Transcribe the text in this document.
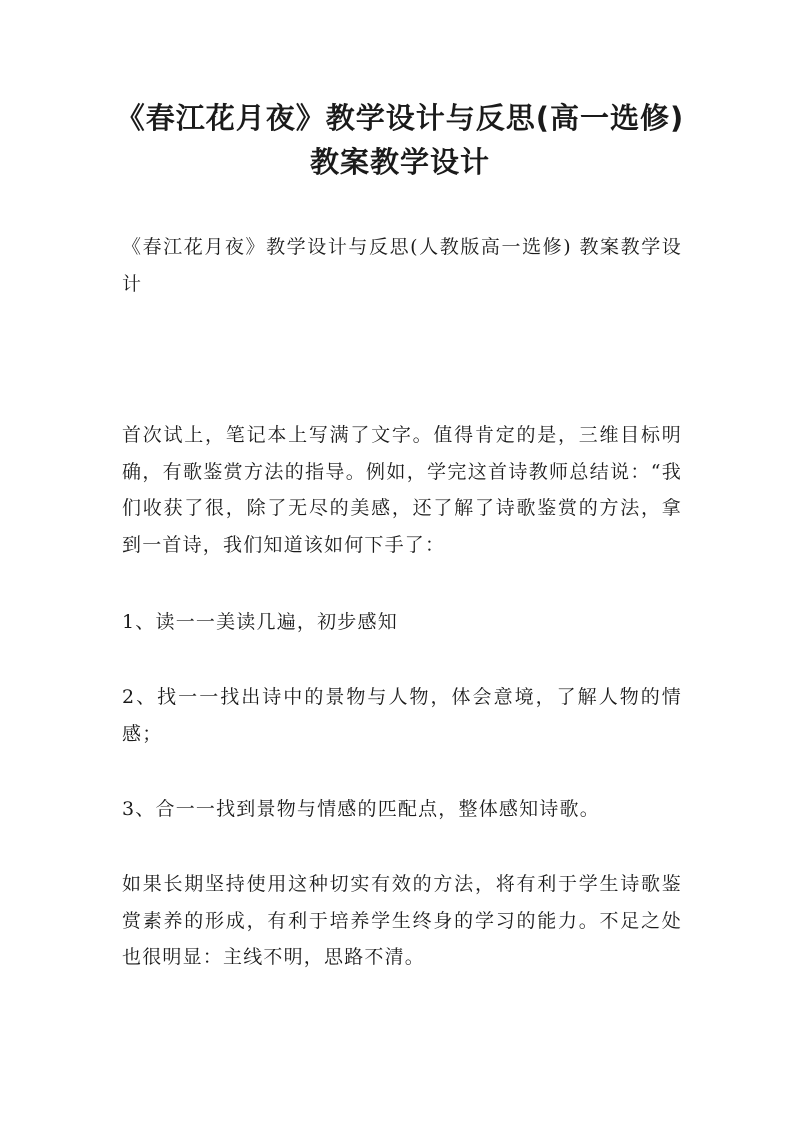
《春江花月夜》教学设计与反思(高一选修)
教案教学设计

《春江花月夜》教学设计与反思(人教版高一选修) 教案教学设计

首次试上，笔记本上写满了文字。值得肯定的是，三维目标明确，有歌鉴赏方法的指导。例如，学完这首诗教师总结说：“我们收获了很，除了无尽的美感，还了解了诗歌鉴赏的方法，拿到一首诗，我们知道该如何下手了：

1、读一一美读几遍，初步感知

2、找一一找出诗中的景物与人物，体会意境，了解人物的情感；

3、合一一找到景物与情感的匹配点，整体感知诗歌。

如果长期坚持使用这种切实有效的方法，将有利于学生诗歌鉴赏素养的形成，有利于培养学生终身的学习的能力。不足之处也很明显：主线不明，思路不清。
